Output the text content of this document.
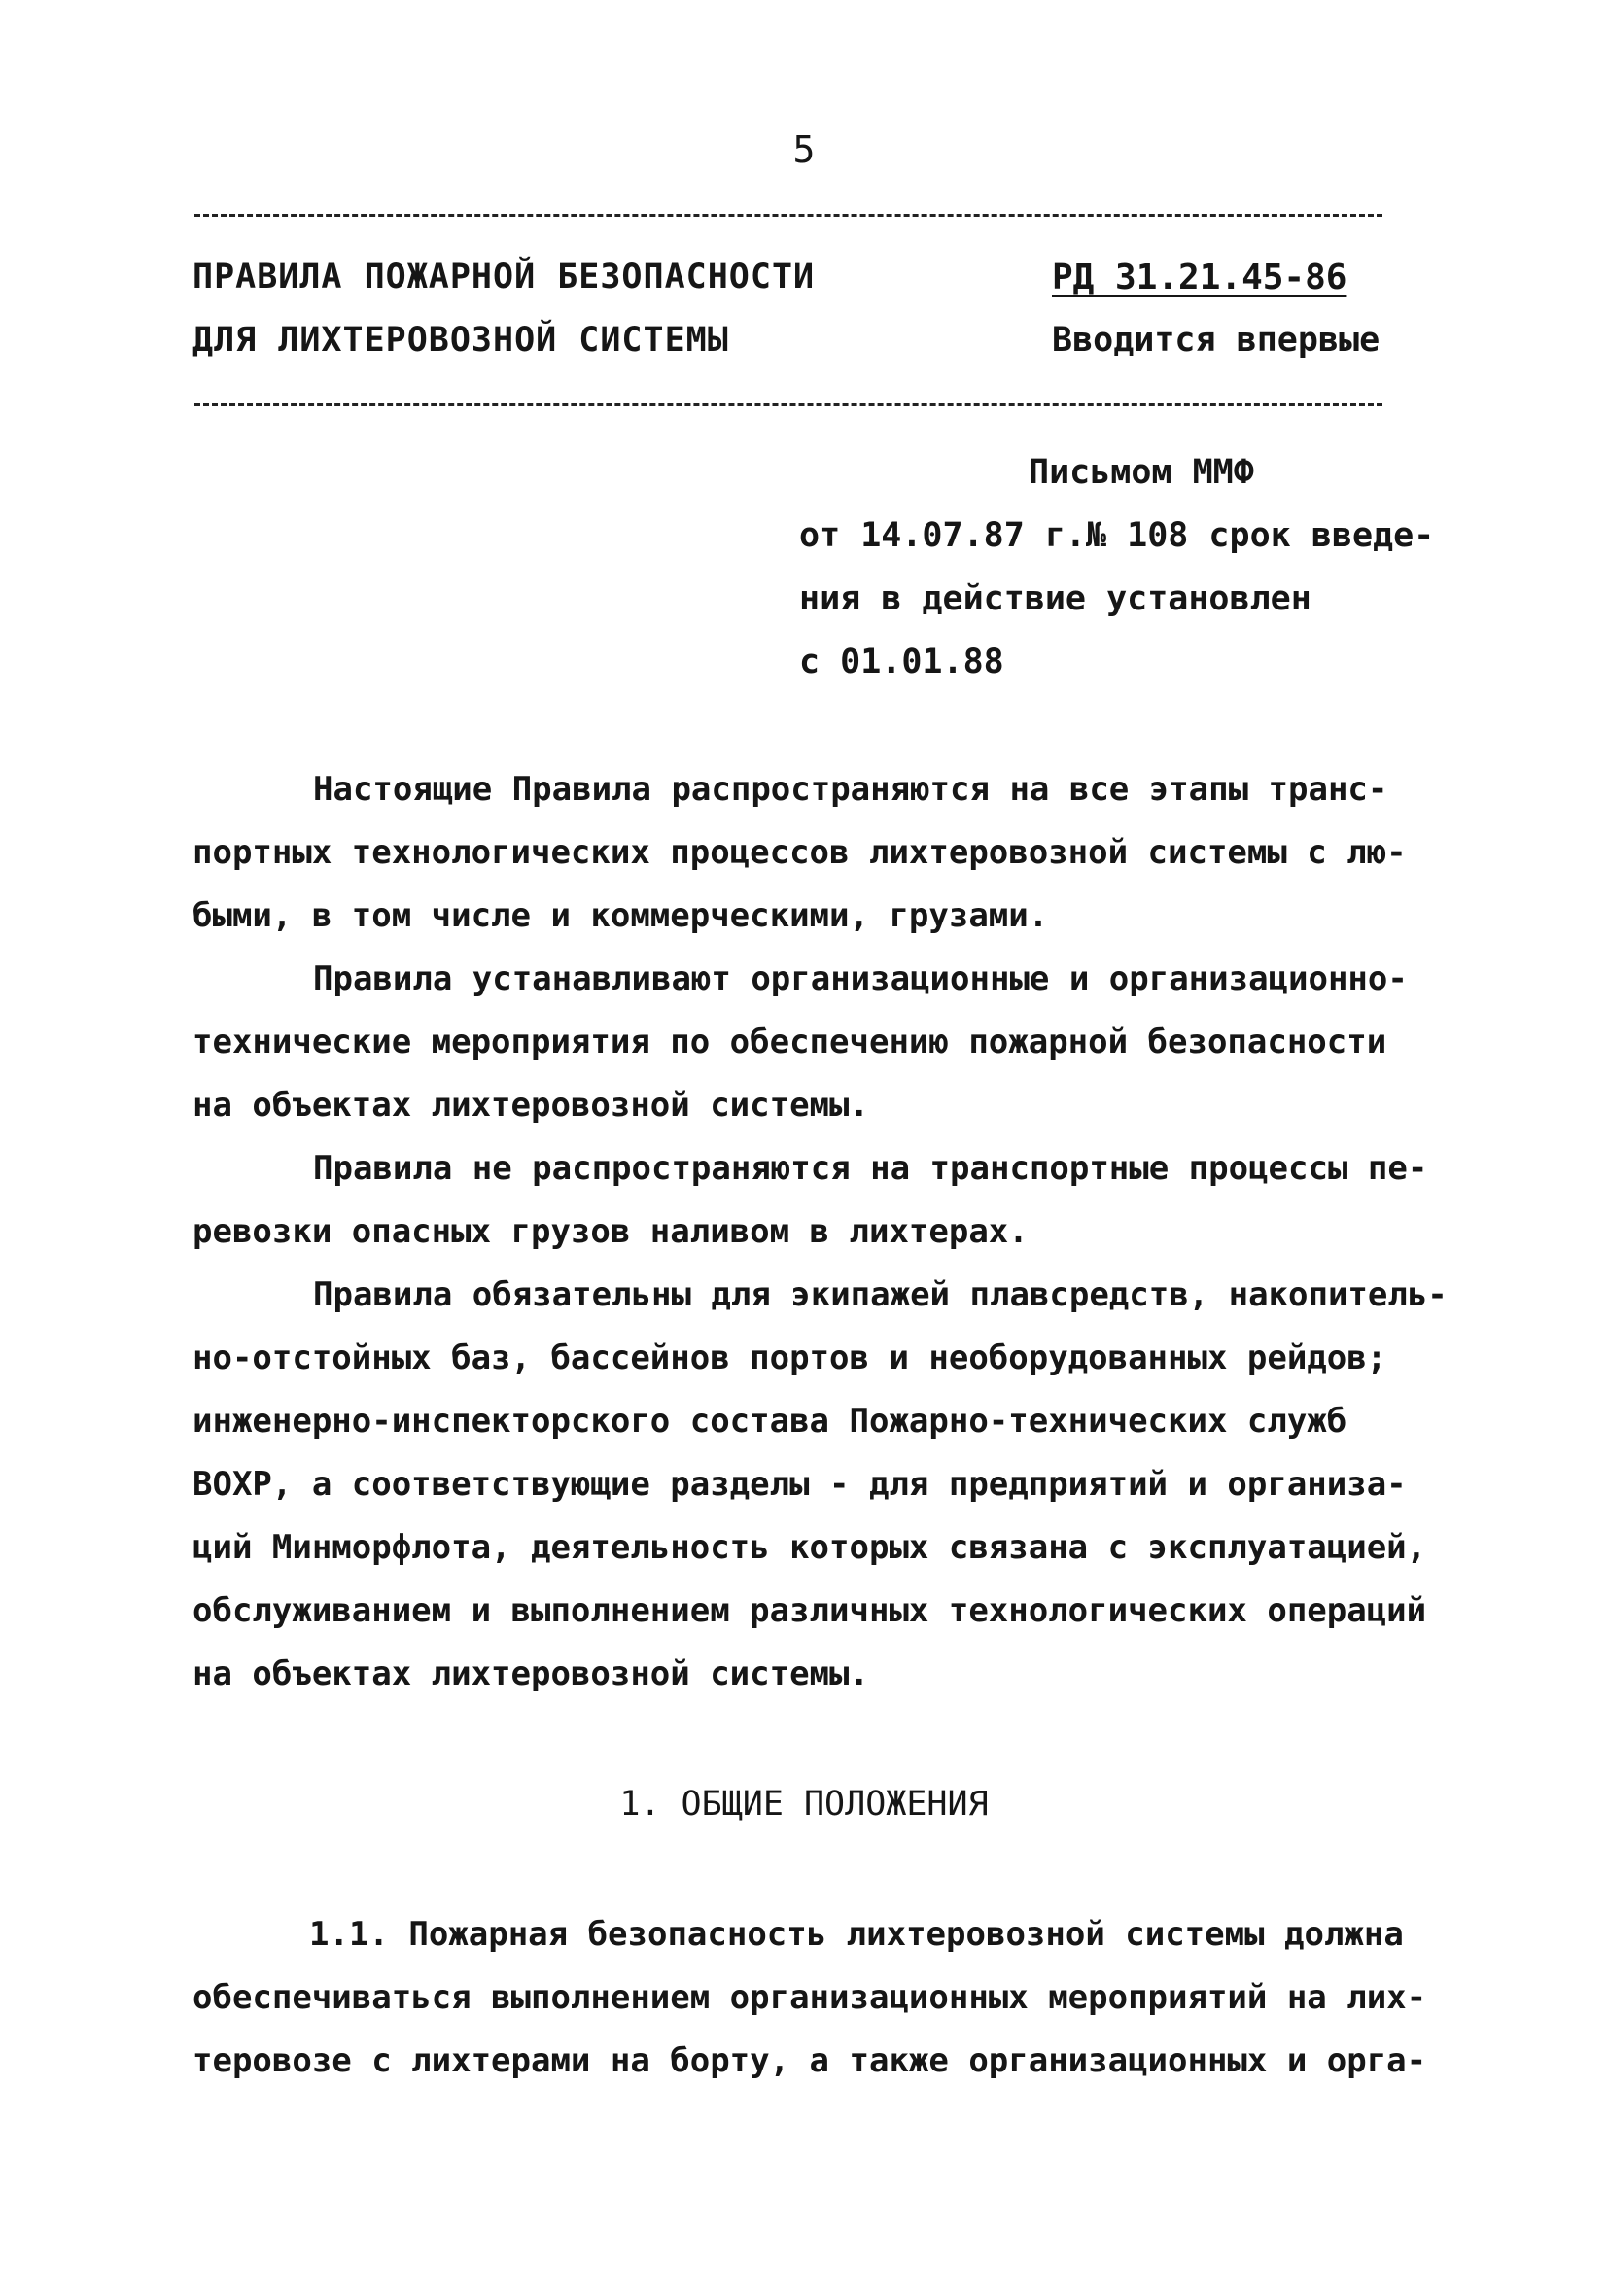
5
ПРАВИЛА ПОЖАРНОЙ БЕЗОПАСНОСТИ
ДЛЯ ЛИХТЕРОВОЗНОЙ СИСТЕМЫ
РД 31.21.45-86
Вводится впервые
Письмом ММФ
от 14.07.87 г.№ 108 срок введе-
ния в действие установлен
с 01.01.88
Настоящие Правила распространяются на все этапы транс-
портных технологических процессов лихтеровозной системы с лю-
быми, в том числе и коммерческими, грузами.
Правила устанавливают организационные и организационно-
технические мероприятия по обеспечению пожарной безопасности
на объектах лихтеровозной системы.
Правила не распространяются на транспортные процессы пе-
ревозки опасных грузов наливом в лихтерах.
Правила обязательны для экипажей плавсредств, накопитель-
но-отстойных баз, бассейнов портов и необорудованных рейдов;
инженерно-инспекторского состава Пожарно-технических служб
ВОХР, а соответствующие разделы - для предприятий и организа-
ций Минморфлота, деятельность которых связана с эксплуатацией,
обслуживанием и выполнением различных технологических операций
на объектах лихтеровозной системы.
1. ОБЩИЕ ПОЛОЖЕНИЯ
1.1. Пожарная безопасность лихтеровозной системы должна
обеспечиваться выполнением организационных мероприятий на лих-
теровозе с лихтерами на борту, а также организационных и орга-
